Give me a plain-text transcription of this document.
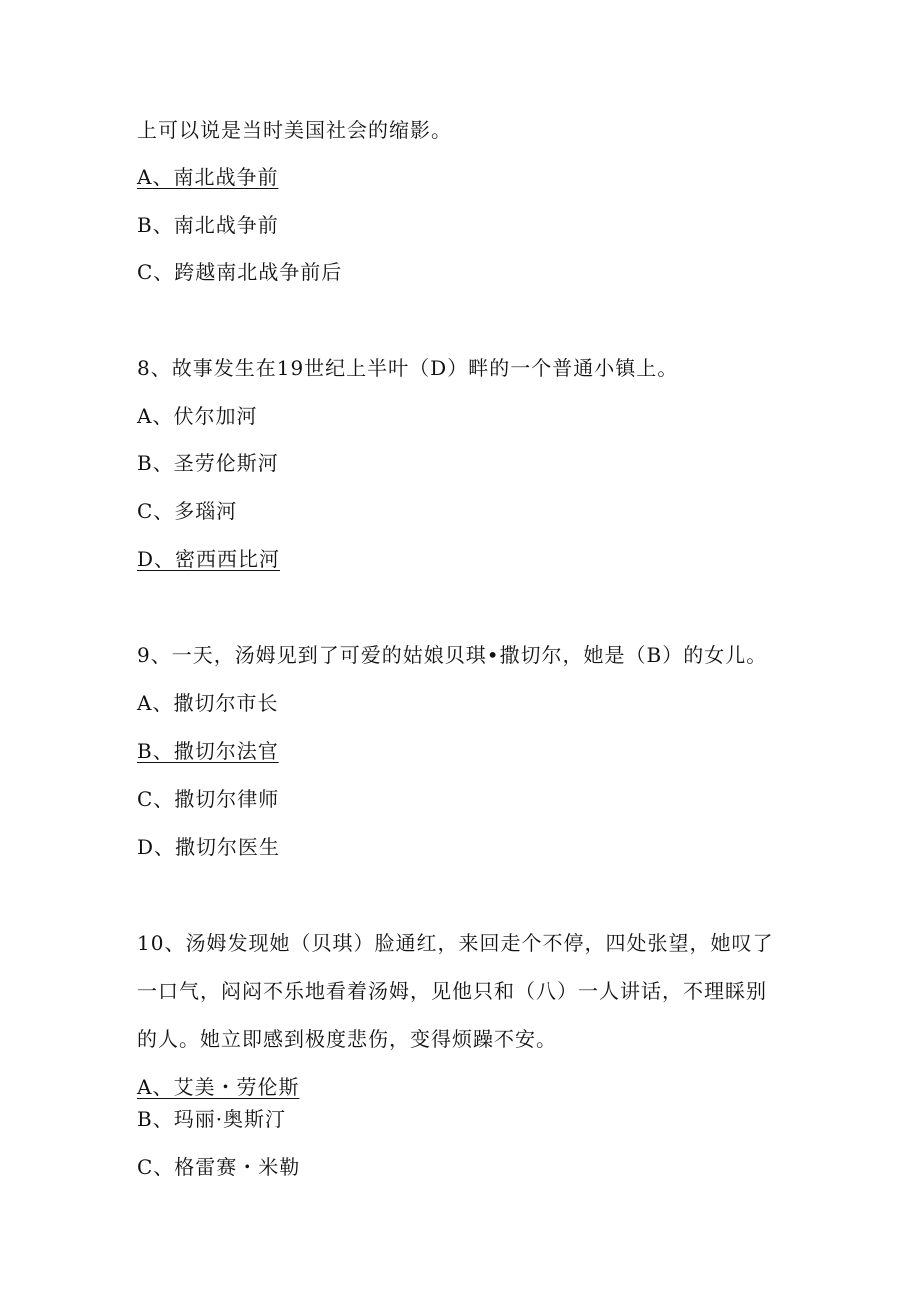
上可以说是当时美国社会的缩影。
A、南北战争前
B、南北战争前
C、跨越南北战争前后
8、故事发生在19世纪上半叶（D）畔的一个普通小镇上。
A、伏尔加河
B、圣劳伦斯河
C、多瑙河
D、密西西比河
9、一天，汤姆见到了可爱的姑娘贝琪•撒切尔，她是（B）的女儿。
A、撒切尔市长
B、撒切尔法官
C、撒切尔律师
D、撒切尔医生
10、汤姆发现她（贝琪）脸通红，来回走个不停，四处张望，她叹了
一口气，闷闷不乐地看着汤姆，见他只和（八）一人讲话，不理睬别
的人。她立即感到极度悲伤，变得烦躁不安。
A、艾美・劳伦斯
B、玛丽·奥斯汀
C、格雷赛・米勒
